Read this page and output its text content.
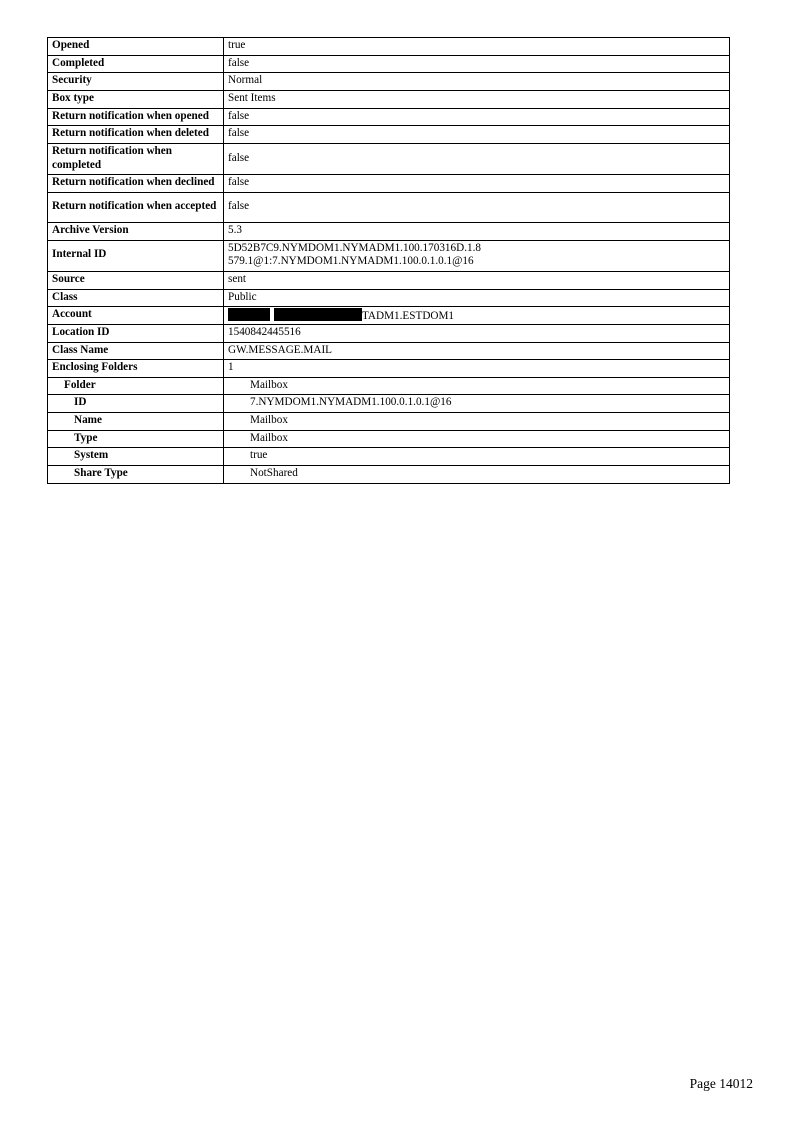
Opened	true
Completed	false
Security	Normal
Box type	Sent Items
Return notification when opened	false
Return notification when deleted	false
Return notification when completed	false
Return notification when declined	false
Return notification when accepted	false
Archive Version	5.3
Internal ID	5D52B7C9.NYMDOM1.NYMADM1.100.170316D.1.8 579.1@1:7.NYMDOM1.NYMADM1.100.0.1.0.1@16
Source	sent
Class	Public
Account	TADM1.ESTDOM1
Location ID	1540842445516
Class Name	GW.MESSAGE.MAIL
Enclosing Folders	1
Folder	Mailbox
ID	7.NYMDOM1.NYMADM1.100.0.1.0.1@16
Name	Mailbox
Type	Mailbox
System	true
Share Type	NotShared
Page 14012
